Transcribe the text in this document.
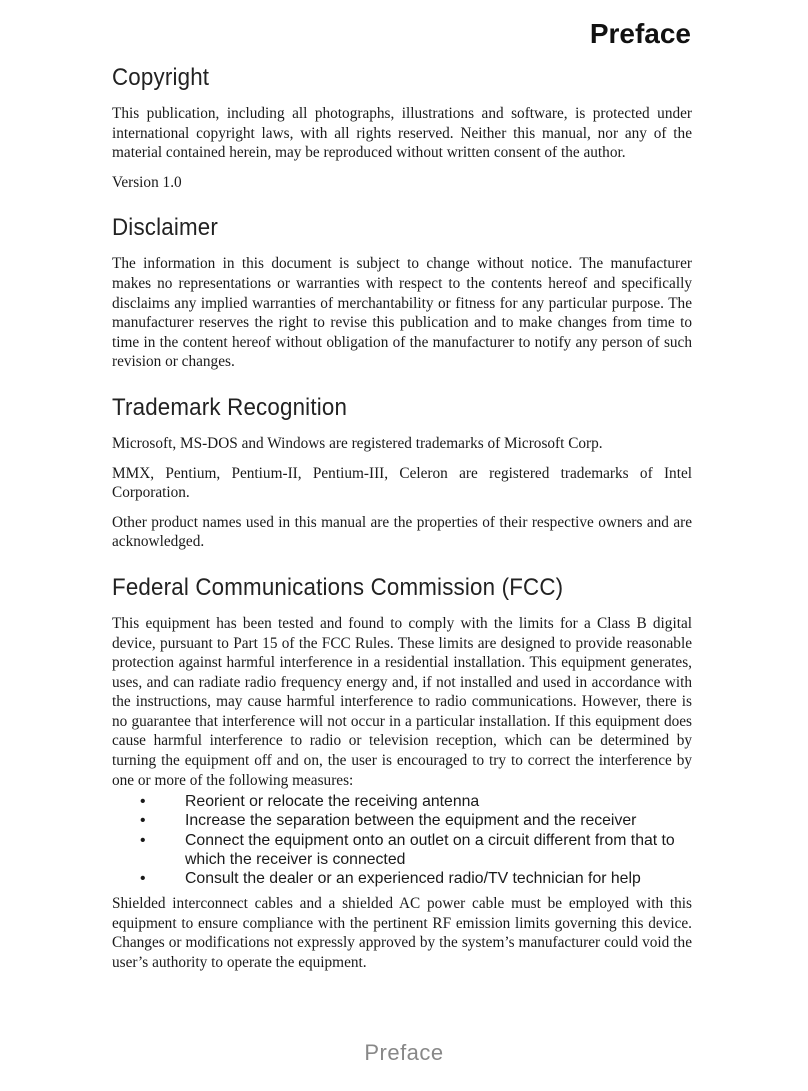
Preface
Copyright

This publication, including all photographs, illustrations and software, is protected under international copyright laws, with all rights reserved. Neither this manual, nor any of the material contained herein, may be reproduced without written consent of the author.

Version 1.0

Disclaimer

The information in this document is subject to change without notice. The manufacturer makes no representations or warranties with respect to the contents hereof and specifically disclaims any implied warranties of merchantability or fitness for any particular purpose. The manufacturer reserves the right to revise this publication and to make changes from time to time in the content hereof without obligation of the manufacturer to notify any person of such revision or changes.

Trademark Recognition

Microsoft, MS-DOS and Windows are registered trademarks of Microsoft Corp.

MMX, Pentium, Pentium-II, Pentium-III, Celeron are registered trademarks of Intel Corporation.

Other product names used in this manual are the properties of their respective owners and are acknowledged.

Federal Communications Commission (FCC)

This equipment has been tested and found to comply with the limits for a Class B digital device, pursuant to Part 15 of the FCC Rules. These limits are designed to provide reasonable protection against harmful interference in a residential installation. This equipment generates, uses, and can radiate radio frequency energy and, if not installed and used in accordance with the instructions, may cause harmful interference to radio communications. However, there is no guarantee that interference will not occur in a particular installation. If this equipment does cause harmful interference to radio or television reception, which can be determined by turning the equipment off and on, the user is encouraged to try to correct the interference by one or more of the following measures:

• Reorient or relocate the receiving antenna
• Increase the separation between the equipment and the receiver
• Connect the equipment onto an outlet on a circuit different from that to which the receiver is connected
• Consult the dealer or an experienced radio/TV technician for help

Shielded interconnect cables and a shielded AC power cable must be employed with this equipment to ensure compliance with the pertinent RF emission limits governing this device. Changes or modifications not expressly approved by the system’s manufacturer could void the user’s authority to operate the equipment.

Preface
